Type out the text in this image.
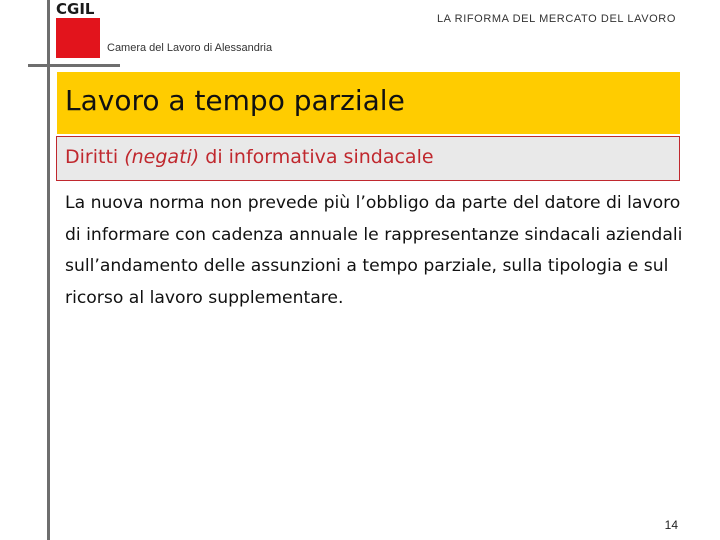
CGIL
Camera del Lavoro di Alessandria
LA RIFORMA DEL MERCATO DEL LAVORO
Lavoro a tempo parziale
Diritti (negati) di informativa sindacale
La nuova norma non prevede più l’obbligo da parte del datore di lavoro di informare con cadenza annuale le rappresentanze sindacali aziendali sull’andamento delle assunzioni a tempo parziale, sulla tipologia e sul ricorso al lavoro supplementare.
14
